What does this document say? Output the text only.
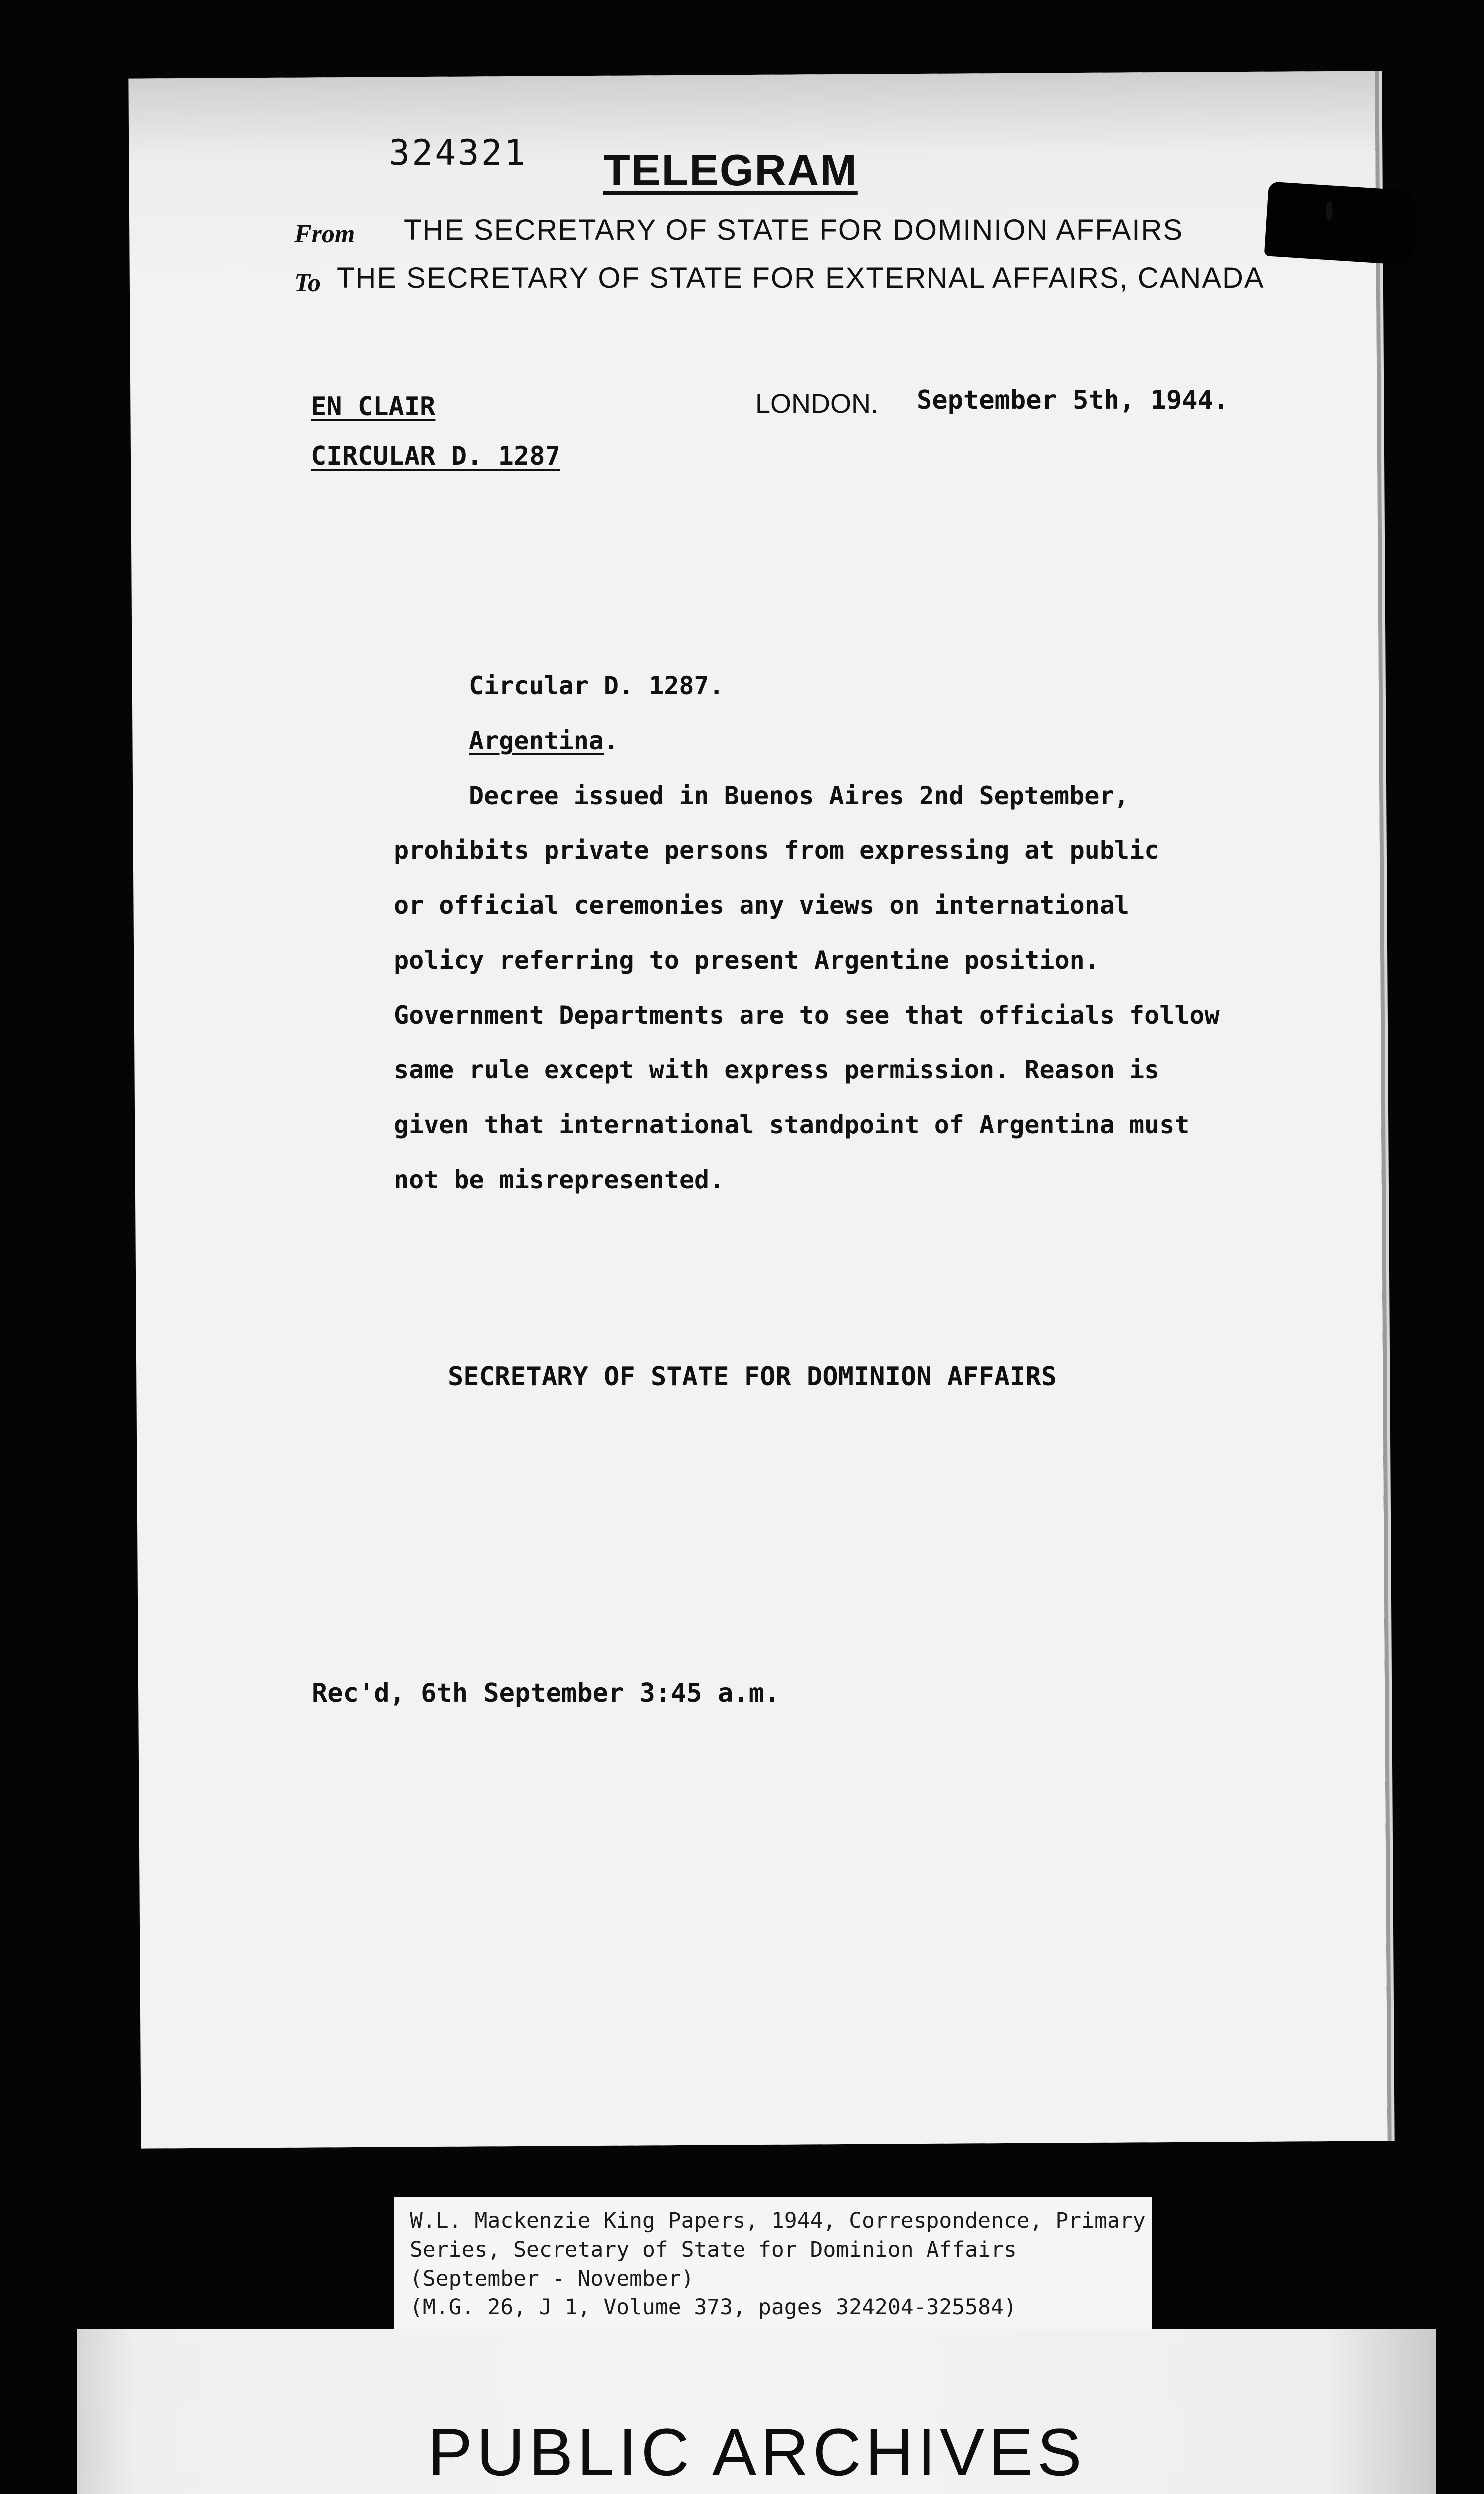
324321 TELEGRAM
From THE SECRETARY OF STATE FOR DOMINION AFFAIRS
To THE SECRETARY OF STATE FOR EXTERNAL AFFAIRS, CANADA
EN CLAIR
CIRCULAR D. 1287
LONDON. September 5th, 1944.
Circular D. 1287.
Argentina.
Decree issued in Buenos Aires 2nd September,
prohibits private persons from expressing at public
or official ceremonies any views on international
policy referring to present Argentine position.
Government Departments are to see that officials follow
same rule except with express permission. Reason is
given that international standpoint of Argentina must
not be misrepresented.
SECRETARY OF STATE FOR DOMINION AFFAIRS
Rec'd, 6th September 3:45 a.m.
W.L. Mackenzie King Papers, 1944, Correspondence, Primary
Series, Secretary of State for Dominion Affairs
(September - November)
(M.G. 26, J 1, Volume 373, pages 324204-325584)
PUBLIC ARCHIVES
